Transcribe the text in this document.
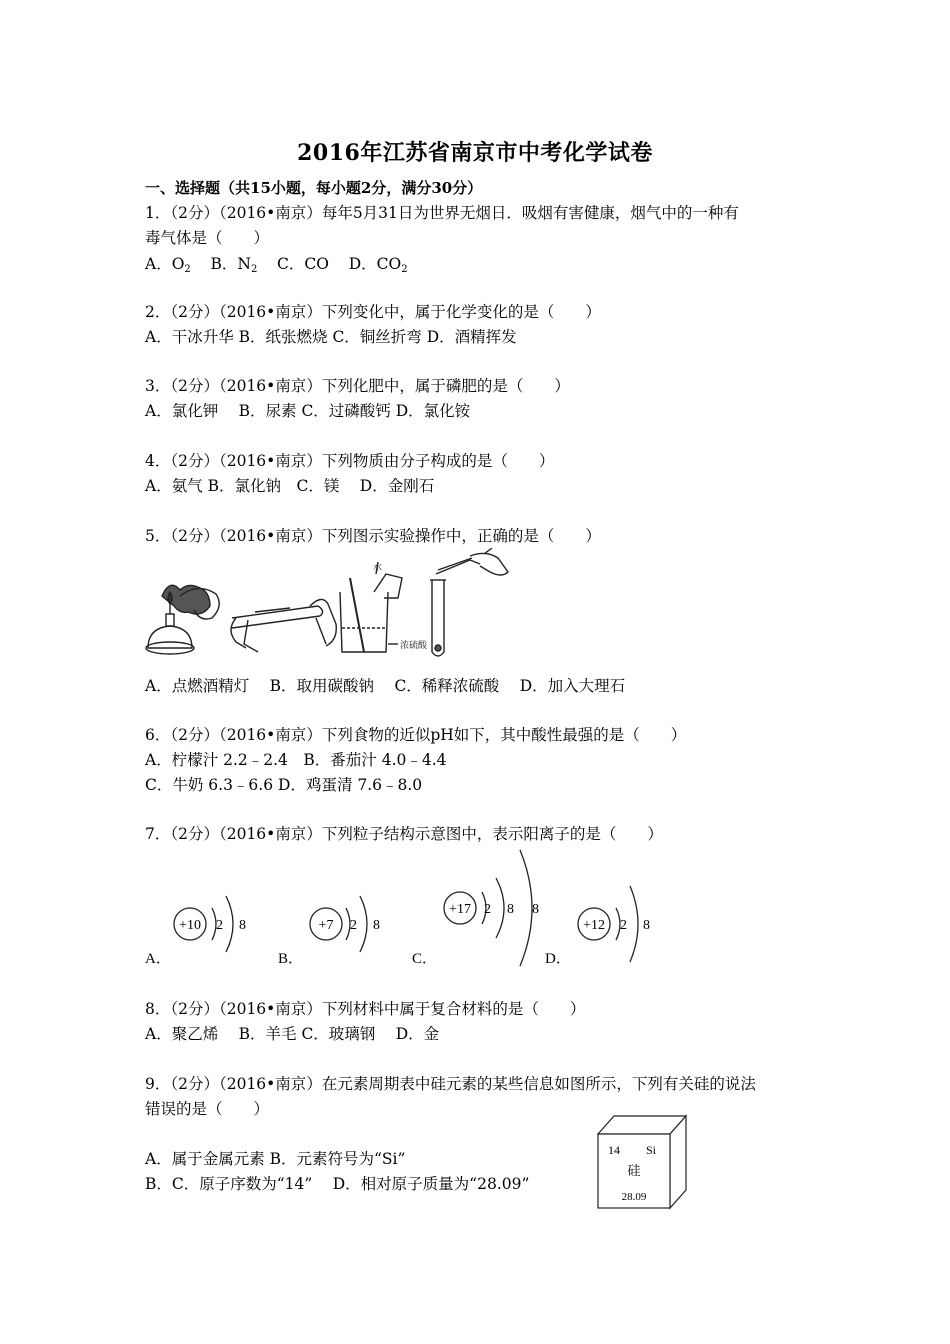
2016年江苏省南京市中考化学试卷
一、选择题（共15小题，每小题2分，满分30分）
1．（2分）（2016•南京）每年5月31日为世界无烟日．吸烟有害健康，烟气中的一种有
毒气体是（　　）
A．$O_2$ B．$N_2$ C．CO D．$CO_2$
2．（2分）（2016•南京）下列变化中，属于化学变化的是（　　）
A．干冰升华 B．纸张燃烧 C．铜丝折弯 D．酒精挥发
3．（2分）（2016•南京）下列化肥中，属于磷肥的是（　　）
A．氯化钾　 B．尿素 C．过磷酸钙 D．氯化铵
4．（2分）（2016•南京）下列物质由分子构成的是（　　）
A．氨气 B．氯化钠　C．镁　 D．金刚石
5．（2分）（2016•南京）下列图示实验操作中，正确的是（　　）
水
浓硫酸
A．点燃酒精灯　 B．取用碳酸钠　 C．稀释浓硫酸　 D．加入大理石
6．（2分）（2016•南京）下列食物的近似pH如下，其中酸性最强的是（　　）
A．柠檬汁 2.2﹣2.4　B．番茄汁 4.0﹣4.4
C．牛奶 6.3﹣6.6 D．鸡蛋清 7.6﹣8.0
7．（2分）（2016•南京）下列粒子结构示意图中，表示阳离子的是（　　）
A．
+10 2 8
B．
+7 2 8
C．
+17 2 8 8
D．
+12 2 8
8．（2分）（2016•南京）下列材料中属于复合材料的是（　　）
A．聚乙烯　 B．羊毛 C．玻璃钢　 D．金
9．（2分）（2016•南京）在元素周期表中硅元素的某些信息如图所示，下列有关硅的说法
错误的是（　　）
A．属于金属元素 B．元素符号为“Si”
B．C．原子序数为“14”　 D．相对原子质量为“28.09”
14 Si
硅
28.09
